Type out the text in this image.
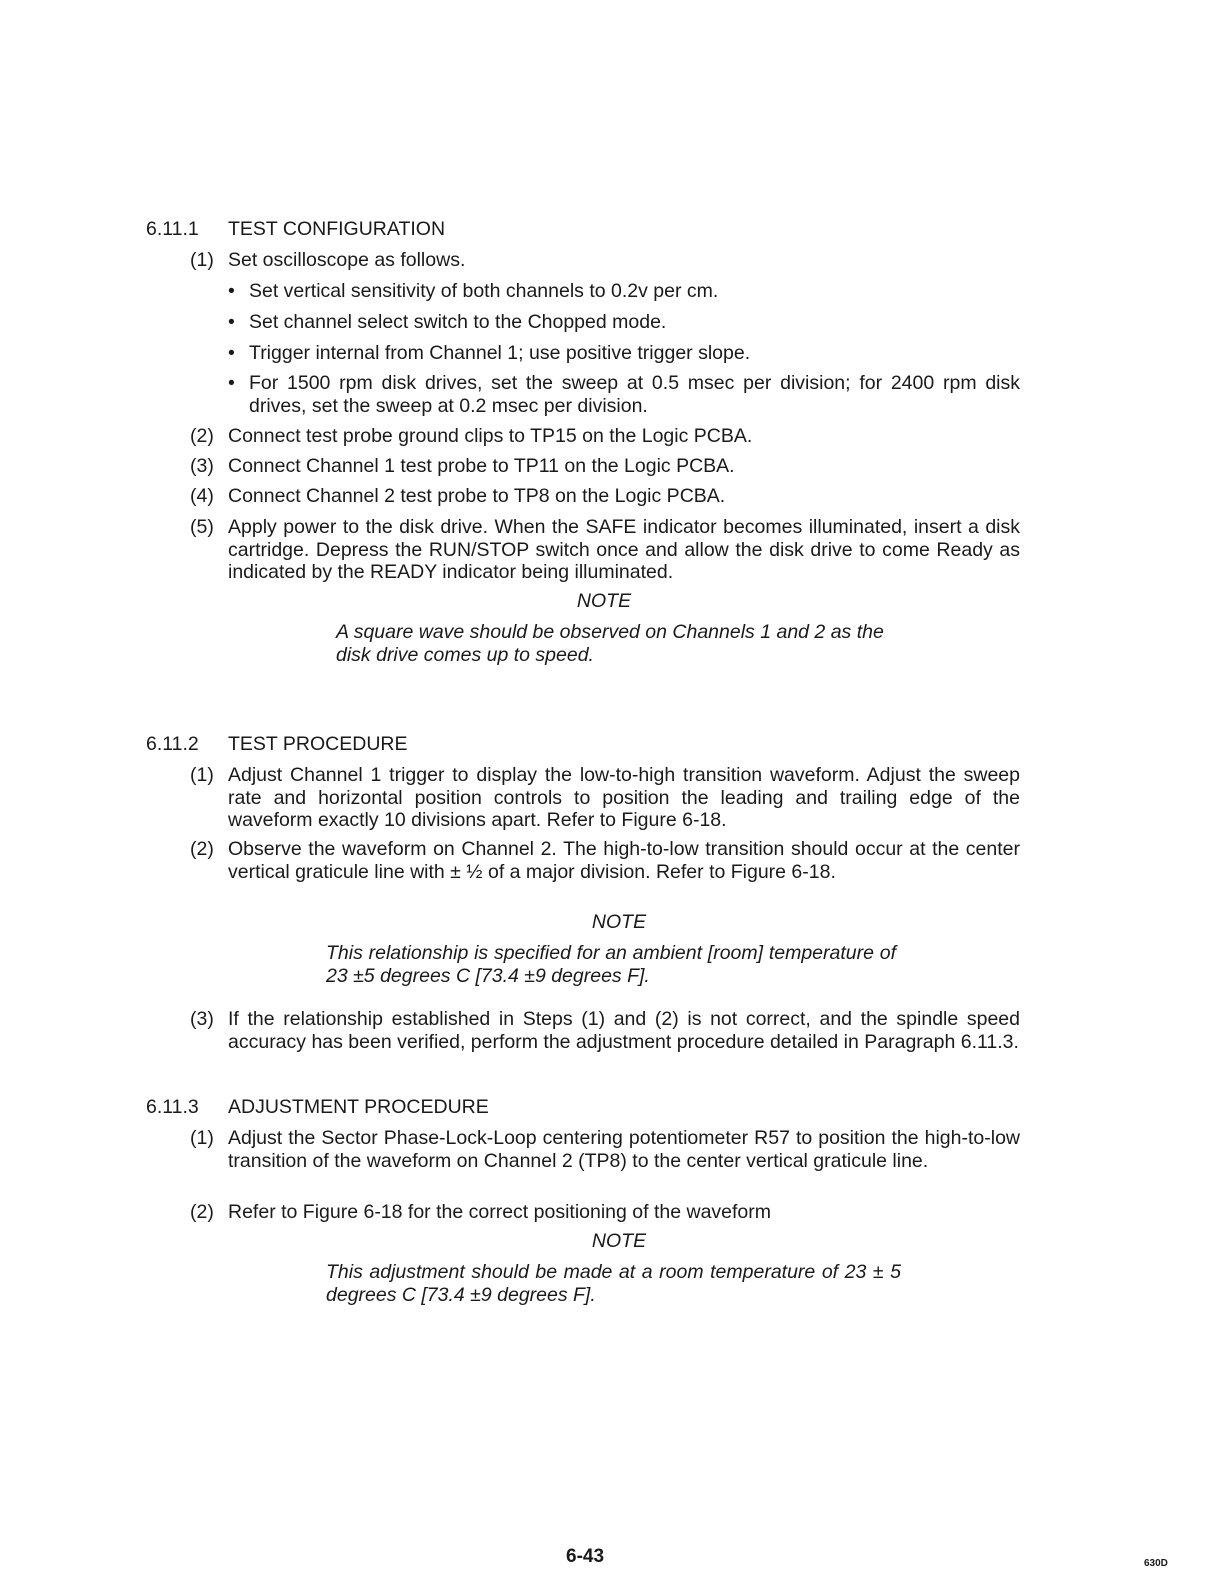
6.11.1 TEST CONFIGURATION
(1) Set oscilloscope as follows.
• Set vertical sensitivity of both channels to 0.2v per cm.
• Set channel select switch to the Chopped mode.
• Trigger internal from Channel 1; use positive trigger slope.
• For 1500 rpm disk drives, set the sweep at 0.5 msec per division; for 2400 rpm disk drives, set the sweep at 0.2 msec per division.
(2) Connect test probe ground clips to TP15 on the Logic PCBA.
(3) Connect Channel 1 test probe to TP11 on the Logic PCBA.
(4) Connect Channel 2 test probe to TP8 on the Logic PCBA.
(5) Apply power to the disk drive. When the SAFE indicator becomes illuminated, insert a disk cartridge. Depress the RUN/STOP switch once and allow the disk drive to come Ready as indicated by the READY indicator being illuminated.
NOTE
A square wave should be observed on Channels 1 and 2 as the disk drive comes up to speed.
6.11.2 TEST PROCEDURE
(1) Adjust Channel 1 trigger to display the low-to-high transition waveform. Adjust the sweep rate and horizontal position controls to position the leading and trailing edge of the waveform exactly 10 divisions apart. Refer to Figure 6-18.
(2) Observe the waveform on Channel 2. The high-to-low transition should occur at the center vertical graticule line with ± ½ of a major division. Refer to Figure 6-18.
NOTE
This relationship is specified for an ambient [room] temperature of 23 ±5 degrees C [73.4 ±9 degrees F].
(3) If the relationship established in Steps (1) and (2) is not correct, and the spindle speed accuracy has been verified, perform the adjustment procedure detailed in Paragraph 6.11.3.
6.11.3 ADJUSTMENT PROCEDURE
(1) Adjust the Sector Phase-Lock-Loop centering potentiometer R57 to position the high-to-low transition of the waveform on Channel 2 (TP8) to the center vertical graticule line.
(2) Refer to Figure 6-18 for the correct positioning of the waveform
NOTE
This adjustment should be made at a room temperature of 23 ± 5 degrees C [73.4 ±9 degrees F].
6-43	630D
